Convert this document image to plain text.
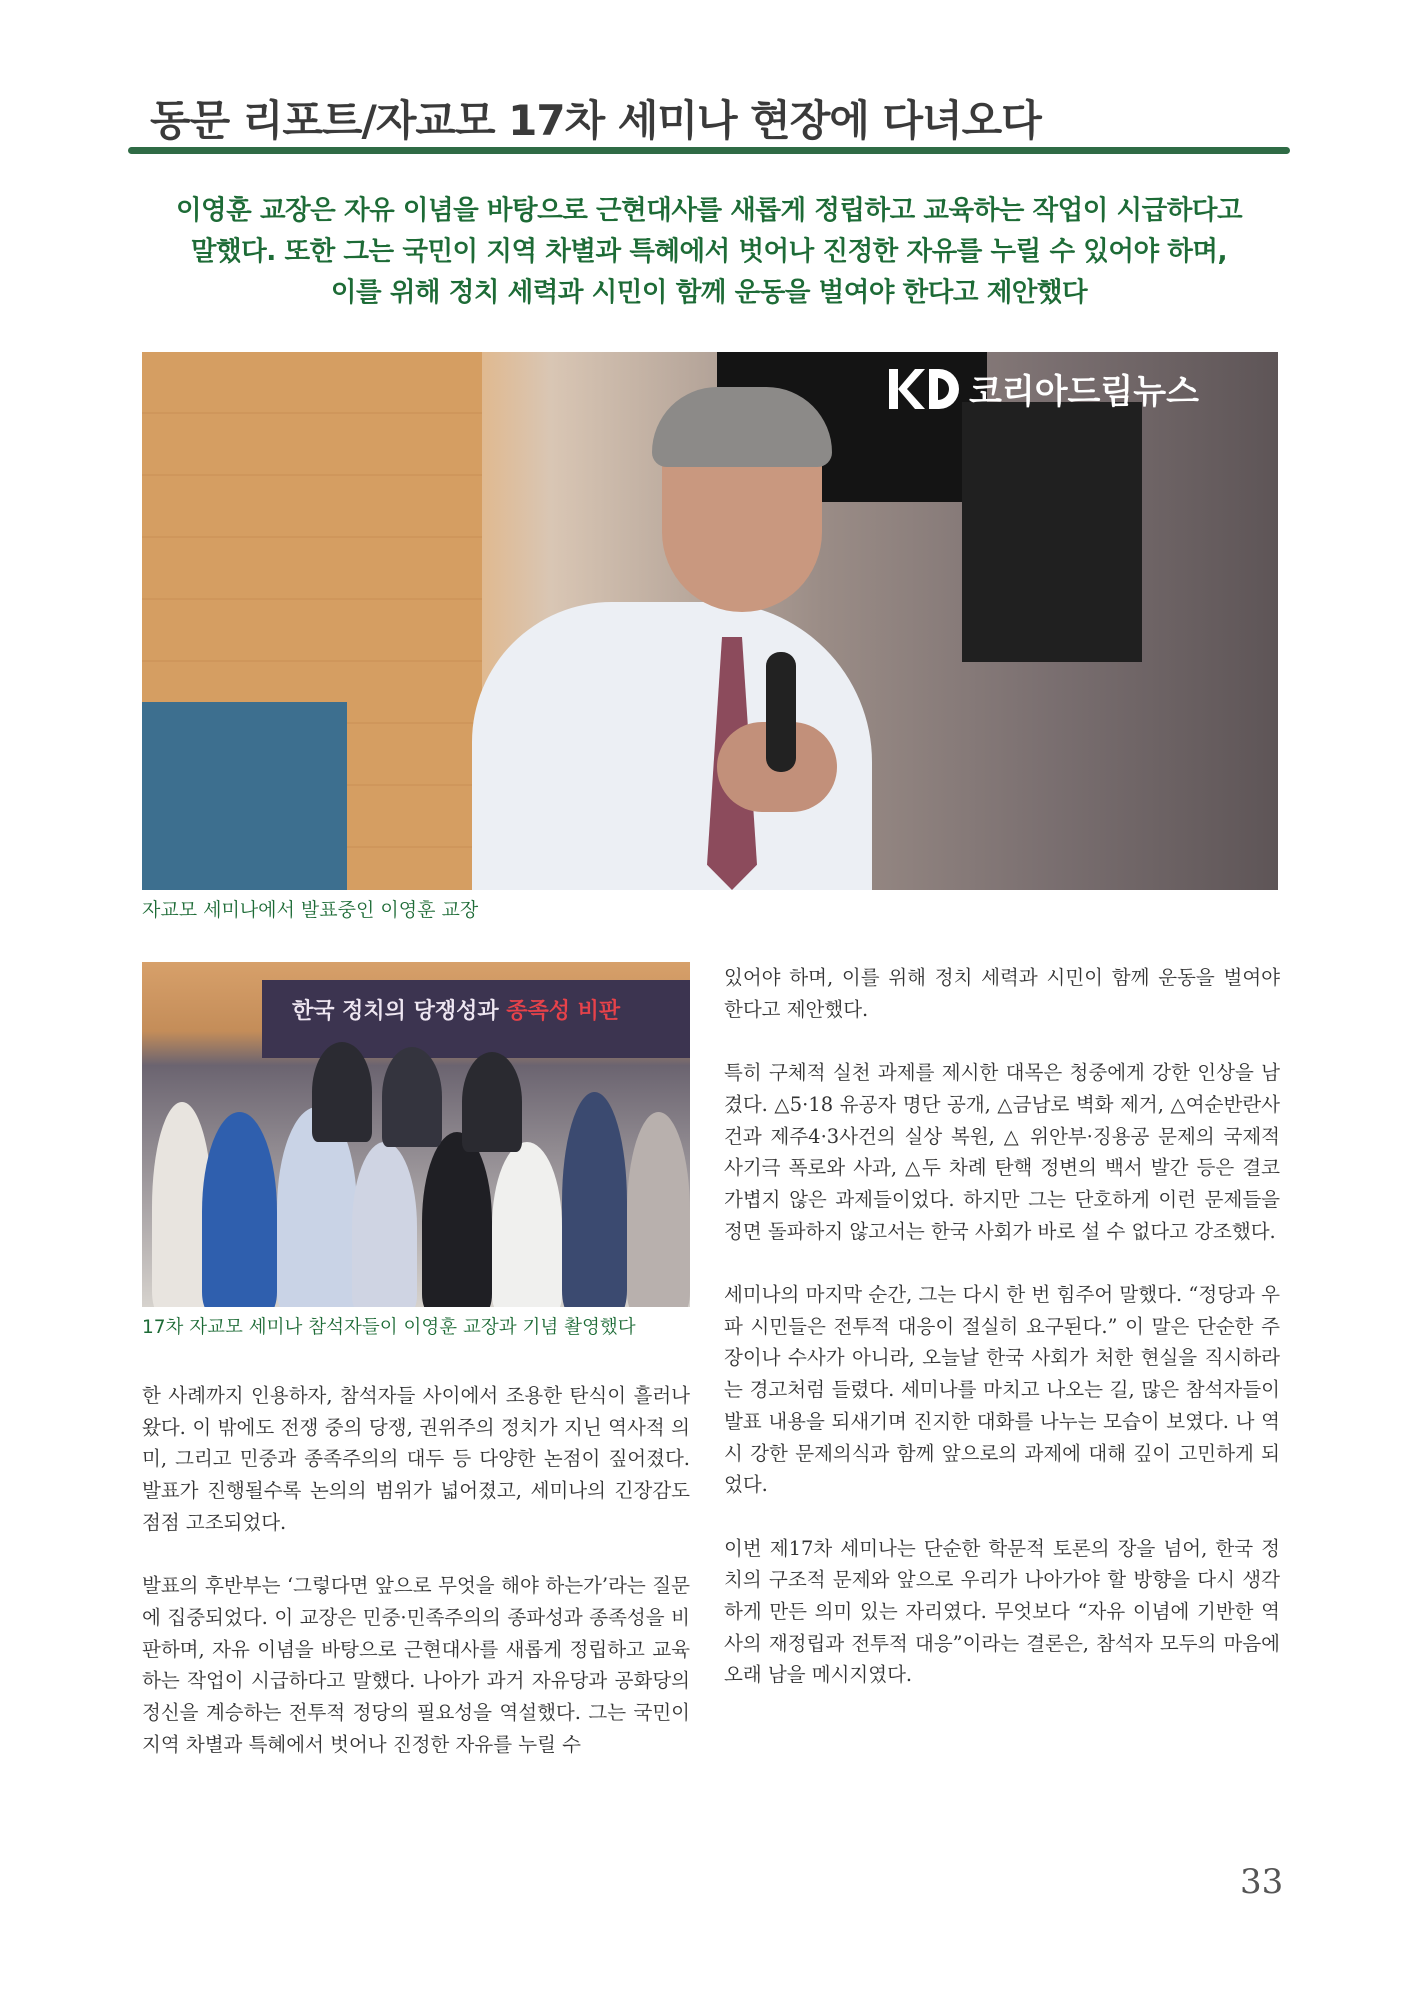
동문 리포트/자교모 17차 세미나 현장에 다녀오다
이영훈 교장은 자유 이념을 바탕으로 근현대사를 새롭게 정립하고 교육하는 작업이 시급하다고
말했다. 또한 그는 국민이 지역 차별과 특혜에서 벗어나 진정한 자유를 누릴 수 있어야 하며,
이를 위해 정치 세력과 시민이 함께 운동을 벌여야 한다고 제안했다
코리아드림뉴스
자교모 세미나에서 발표중인 이영훈 교장
한국 정치의 당쟁성과 종족성 비판
17차 자교모 세미나 참석자들이 이영훈 교장과 기념 촬영했다

한 사례까지 인용하자, 참석자들 사이에서 조용한 탄식이 흘러나왔다. 이 밖에도 전쟁 중의 당쟁, 권위주의 정치가 지닌 역사적 의미, 그리고 민중과 종족주의의 대두 등 다양한 논점이 짚어졌다. 발표가 진행될수록 논의의 범위가 넓어졌고, 세미나의 긴장감도 점점 고조되었다.

발표의 후반부는 ‘그렇다면 앞으로 무엇을 해야 하는가’라는 질문에 집중되었다. 이 교장은 민중·민족주의의 종파성과 종족성을 비판하며, 자유 이념을 바탕으로 근현대사를 새롭게 정립하고 교육하는 작업이 시급하다고 말했다. 나아가 과거 자유당과 공화당의 정신을 계승하는 전투적 정당의 필요성을 역설했다. 그는 국민이 지역 차별과 특혜에서 벗어나 진정한 자유를 누릴 수

있어야 하며, 이를 위해 정치 세력과 시민이 함께 운동을 벌여야 한다고 제안했다.

특히 구체적 실천 과제를 제시한 대목은 청중에게 강한 인상을 남겼다. △5·18 유공자 명단 공개, △금남로 벽화 제거, △여순반란사건과 제주4·3사건의 실상 복원, △ 위안부·징용공 문제의 국제적 사기극 폭로와 사과, △두 차례 탄핵 정변의 백서 발간 등은 결코 가볍지 않은 과제들이었다. 하지만 그는 단호하게 이런 문제들을 정면 돌파하지 않고서는 한국 사회가 바로 설 수 없다고 강조했다.

세미나의 마지막 순간, 그는 다시 한 번 힘주어 말했다. “정당과 우파 시민들은 전투적 대응이 절실히 요구된다.” 이 말은 단순한 주장이나 수사가 아니라, 오늘날 한국 사회가 처한 현실을 직시하라는 경고처럼 들렸다. 세미나를 마치고 나오는 길, 많은 참석자들이 발표 내용을 되새기며 진지한 대화를 나누는 모습이 보였다. 나 역시 강한 문제의식과 함께 앞으로의 과제에 대해 깊이 고민하게 되었다.

이번 제17차 세미나는 단순한 학문적 토론의 장을 넘어, 한국 정치의 구조적 문제와 앞으로 우리가 나아가야 할 방향을 다시 생각하게 만든 의미 있는 자리였다. 무엇보다 “자유 이념에 기반한 역사의 재정립과 전투적 대응”이라는 결론은, 참석자 모두의 마음에 오래 남을 메시지였다.

33
